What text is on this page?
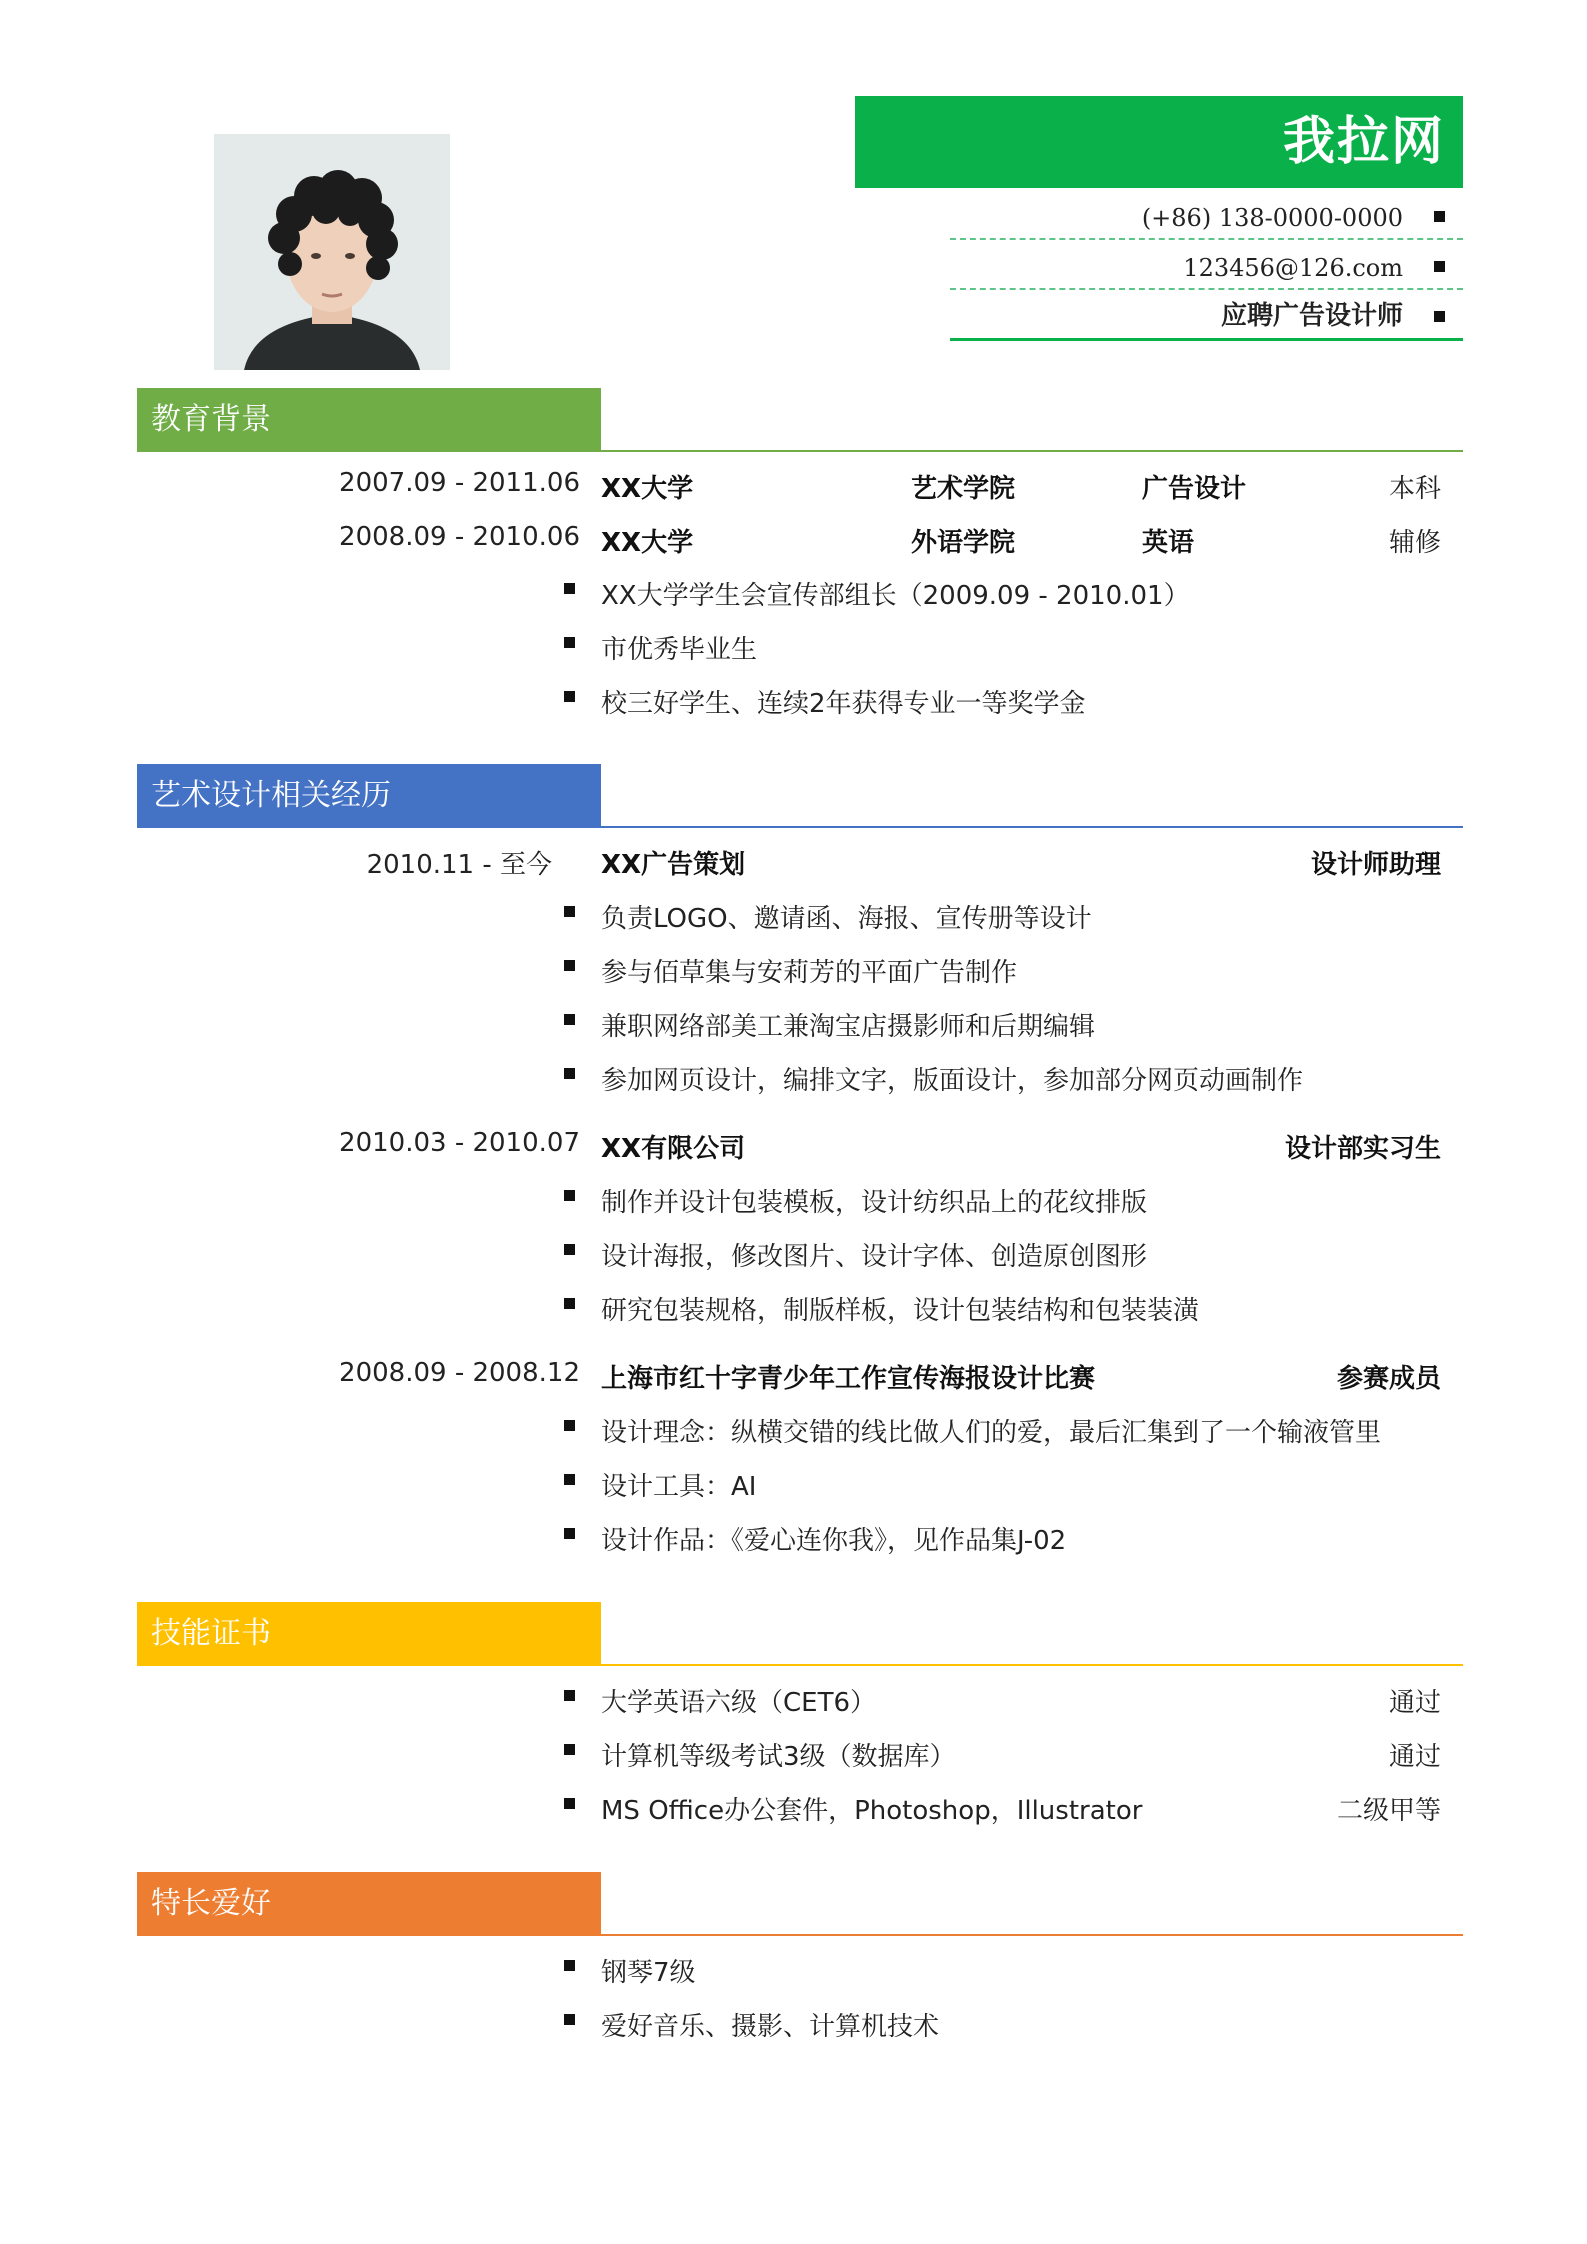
我拉网
(+86) 138-0000-0000
123456@126.com
应聘广告设计师
教育背景
2007.09 - 2011.06 XX大学	艺术学院	广告设计	本科
2008.09 - 2010.06 XX大学	外语学院	英语	辅修
XX大学学生会宣传部组长（2009.09 - 2010.01）
市优秀毕业生
校三好学生、连续2年获得专业一等奖学金
艺术设计相关经历
2010.11 - 至今 XX广告策划	设计师助理
负责LOGO、邀请函、海报、宣传册等设计
参与佰草集与安莉芳的平面广告制作
兼职网络部美工兼淘宝店摄影师和后期编辑
参加网页设计，编排文字，版面设计，参加部分网页动画制作
2010.03 - 2010.07 XX有限公司	设计部实习生
制作并设计包装模板，设计纺织品上的花纹排版
设计海报，修改图片、设计字体、创造原创图形
研究包装规格，制版样板，设计包装结构和包装装潢
2008.09 - 2008.12 上海市红十字青少年工作宣传海报设计比赛	参赛成员
设计理念：纵横交错的线比做人们的爱，最后汇集到了一个输液管里
设计工具：AI
设计作品：《爱心连你我》，见作品集J-02
技能证书
大学英语六级（CET6）	通过
计算机等级考试3级（数据库）	通过
MS Office办公套件，Photoshop，Illustrator	二级甲等
特长爱好
钢琴7级
爱好音乐、摄影、计算机技术
